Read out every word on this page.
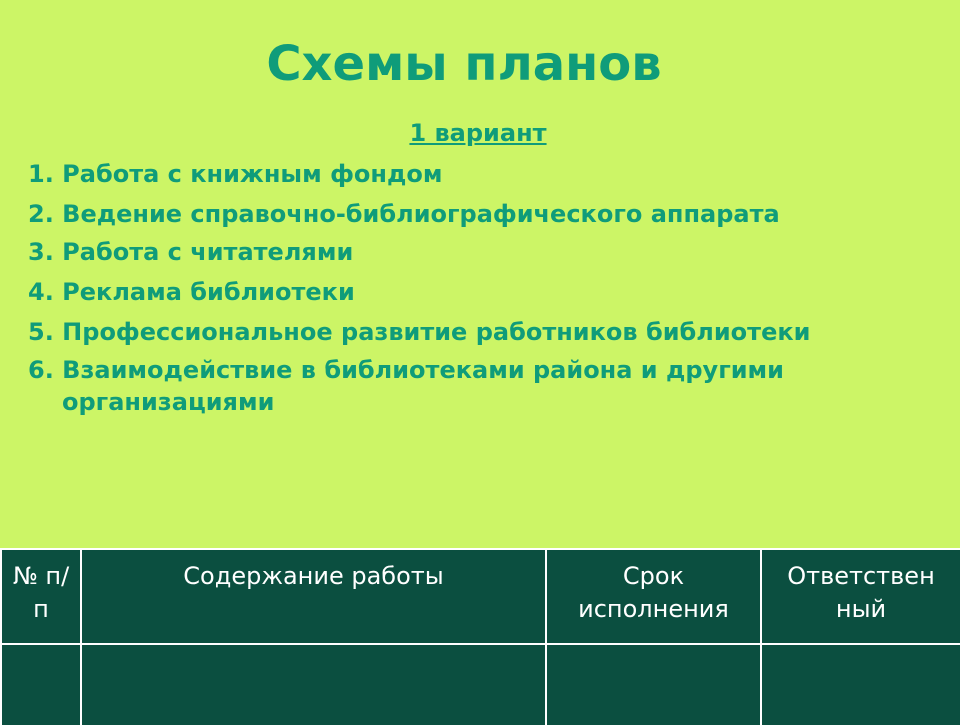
Схемы планов

1 вариант

1. Работа с книжным фондом
2. Ведение справочно-библиографического аппарата
3. Работа с читателями
4. Реклама библиотеки
5. Профессиональное развитие работников библиотеки
6. Взаимодействие в библиотеками района и другими организациями
№ п/п	Содержание работы	Срок исполнения	Ответствен ный
